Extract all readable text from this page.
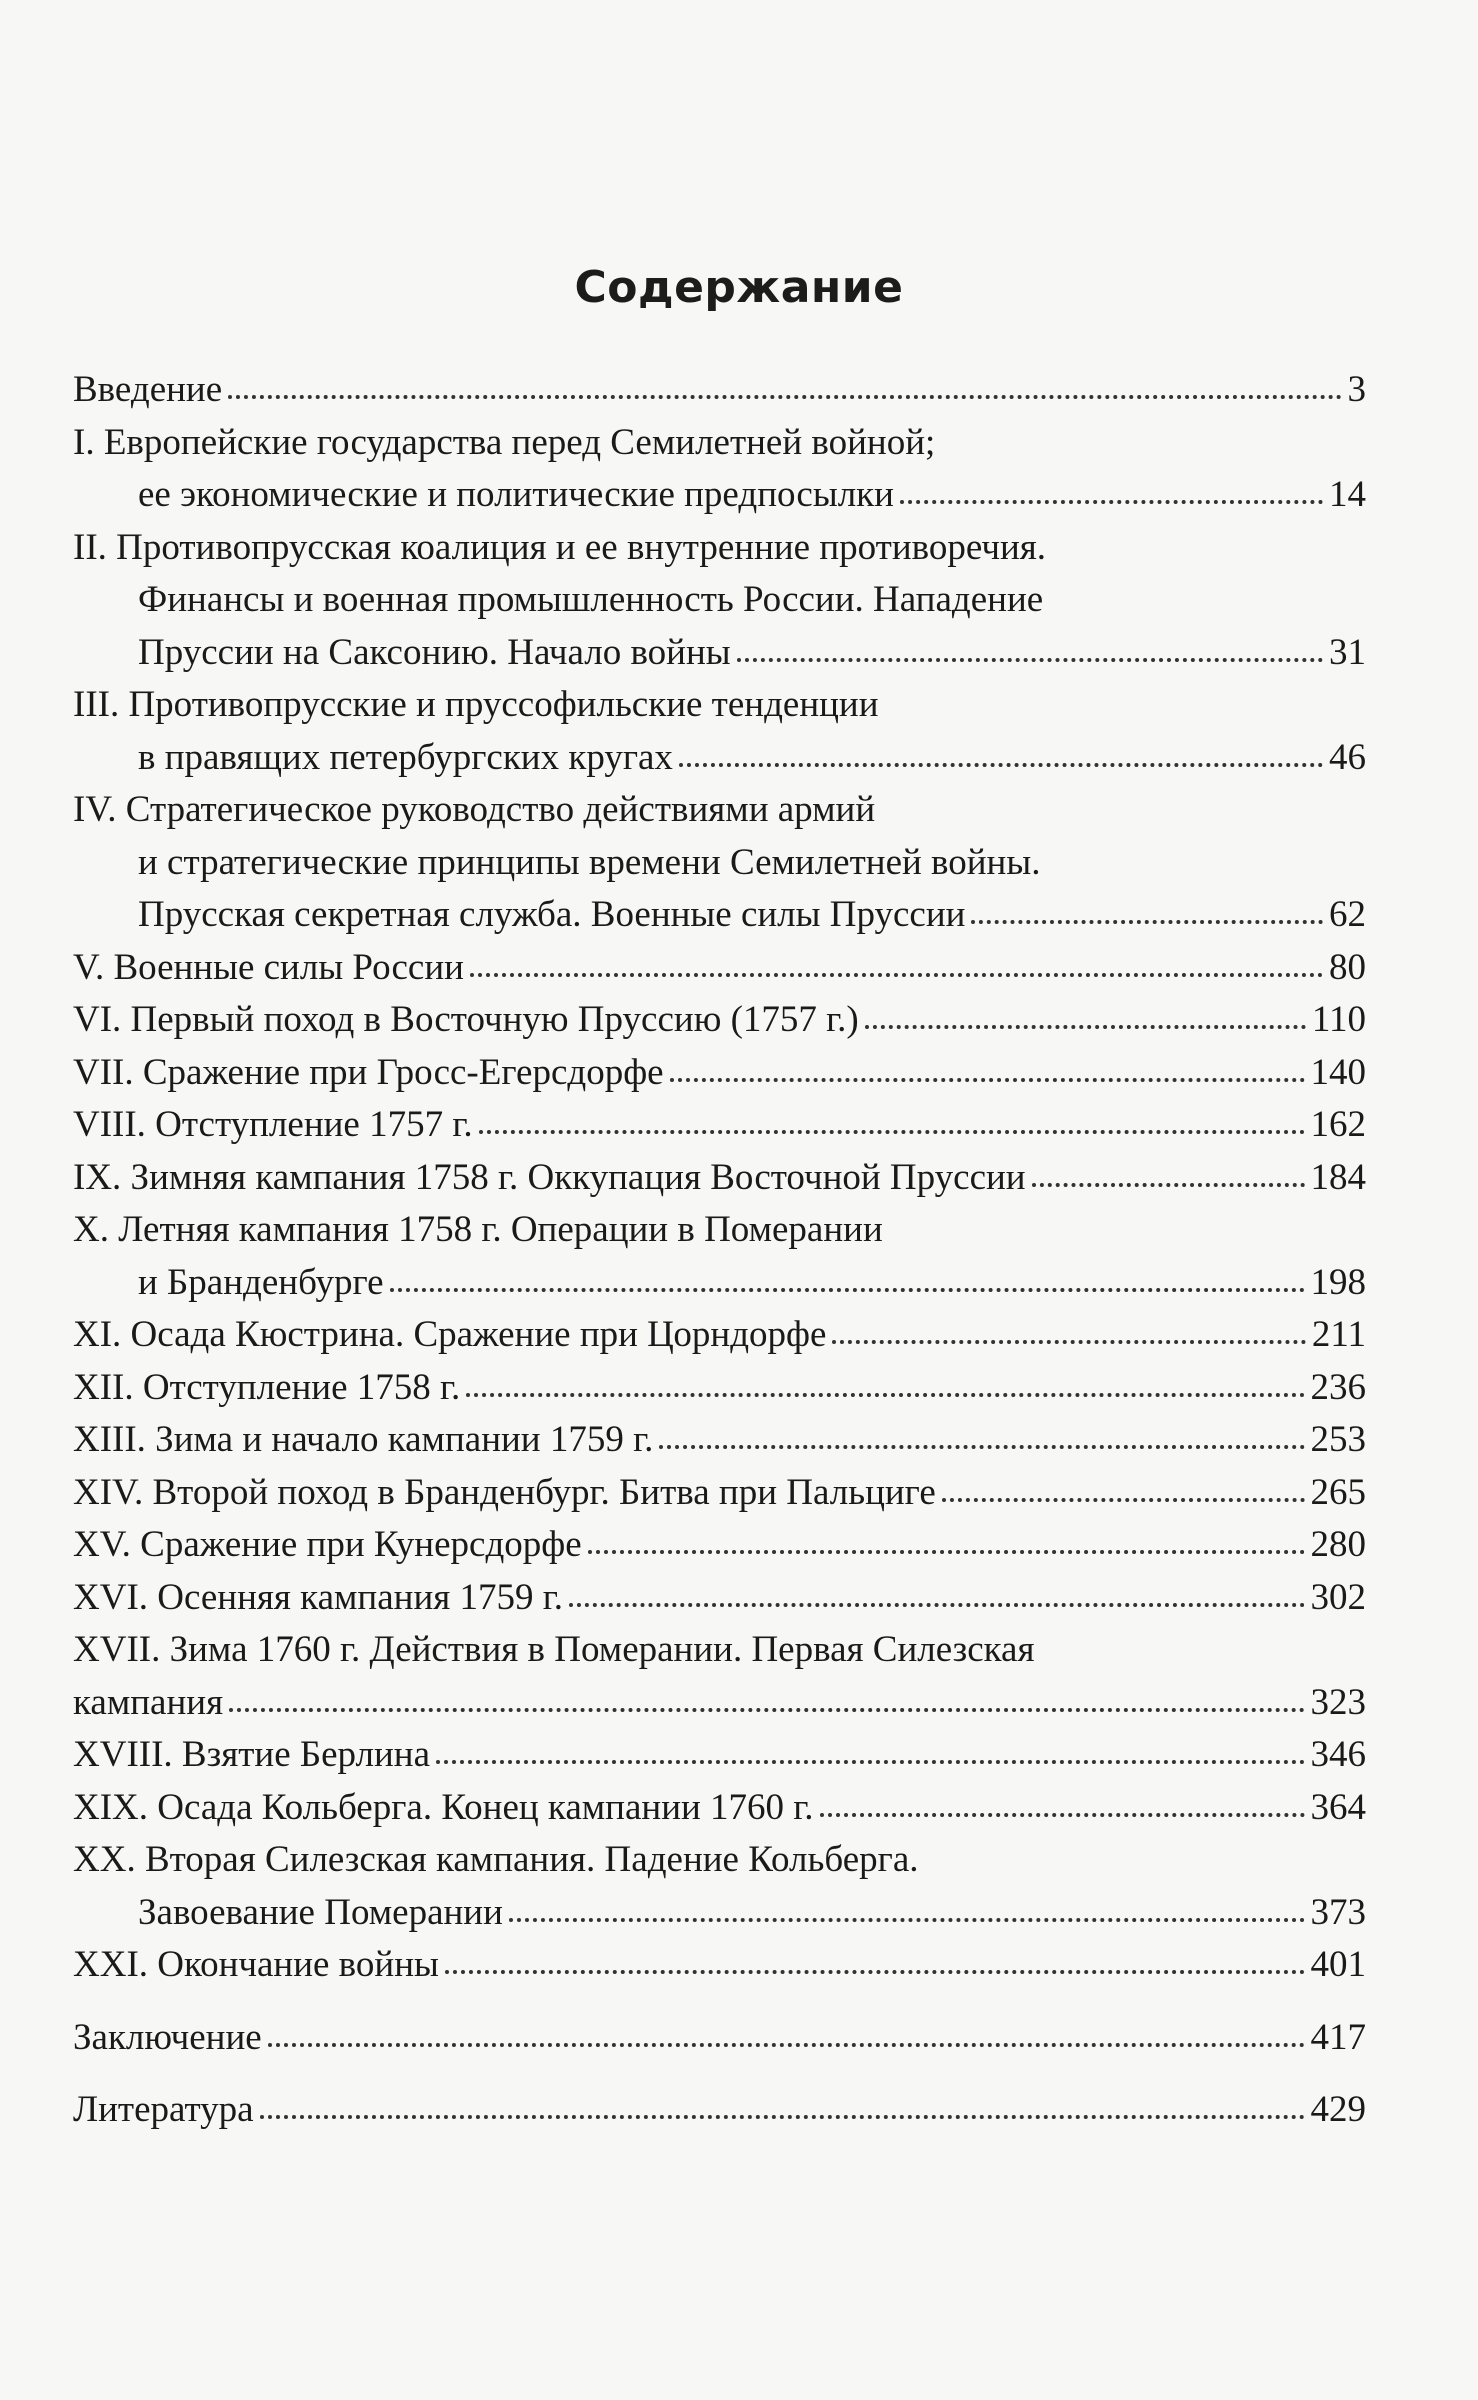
Содержание
Введение	3
I. Европейские государства перед Семилетней войной;
ее экономические и политические предпосылки	14
II. Противопрусская коалиция и ее внутренние противоречия.
Финансы и военная промышленность России. Нападение
Пруссии на Саксонию. Начало войны	31
III. Противопрусские и пруссофильские тенденции
в правящих петербургских кругах	46
IV. Стратегическое руководство действиями армий
и стратегические принципы времени Семилетней войны.
Прусская секретная служба. Военные силы Пруссии	62
V. Военные силы России	80
VI. Первый поход в Восточную Пруссию (1757 г.)	110
VII. Сражение при Гросс-Егерсдорфе	140
VIII. Отступление 1757 г.	162
IX. Зимняя кампания 1758 г. Оккупация Восточной Пруссии	184
X. Летняя кампания 1758 г. Операции в Померании
и Бранденбурге	198
XI. Осада Кюстрина. Сражение при Цорндорфе	211
XII. Отступление 1758 г.	236
XIII. Зима и начало кампании 1759 г.	253
XIV. Второй поход в Бранденбург. Битва при Пальциге	265
XV. Сражение при Кунерсдорфе	280
XVI. Осенняя кампания 1759 г.	302
XVII. Зима 1760 г. Действия в Померании. Первая Силезская
кампания	323
XVIII. Взятие Берлина	346
XIX. Осада Кольберга. Конец кампании 1760 г.	364
XX. Вторая Силезская кампания. Падение Кольберга.
Завоевание Померании	373
XXI. Окончание войны	401
Заключение	417
Литература	429
